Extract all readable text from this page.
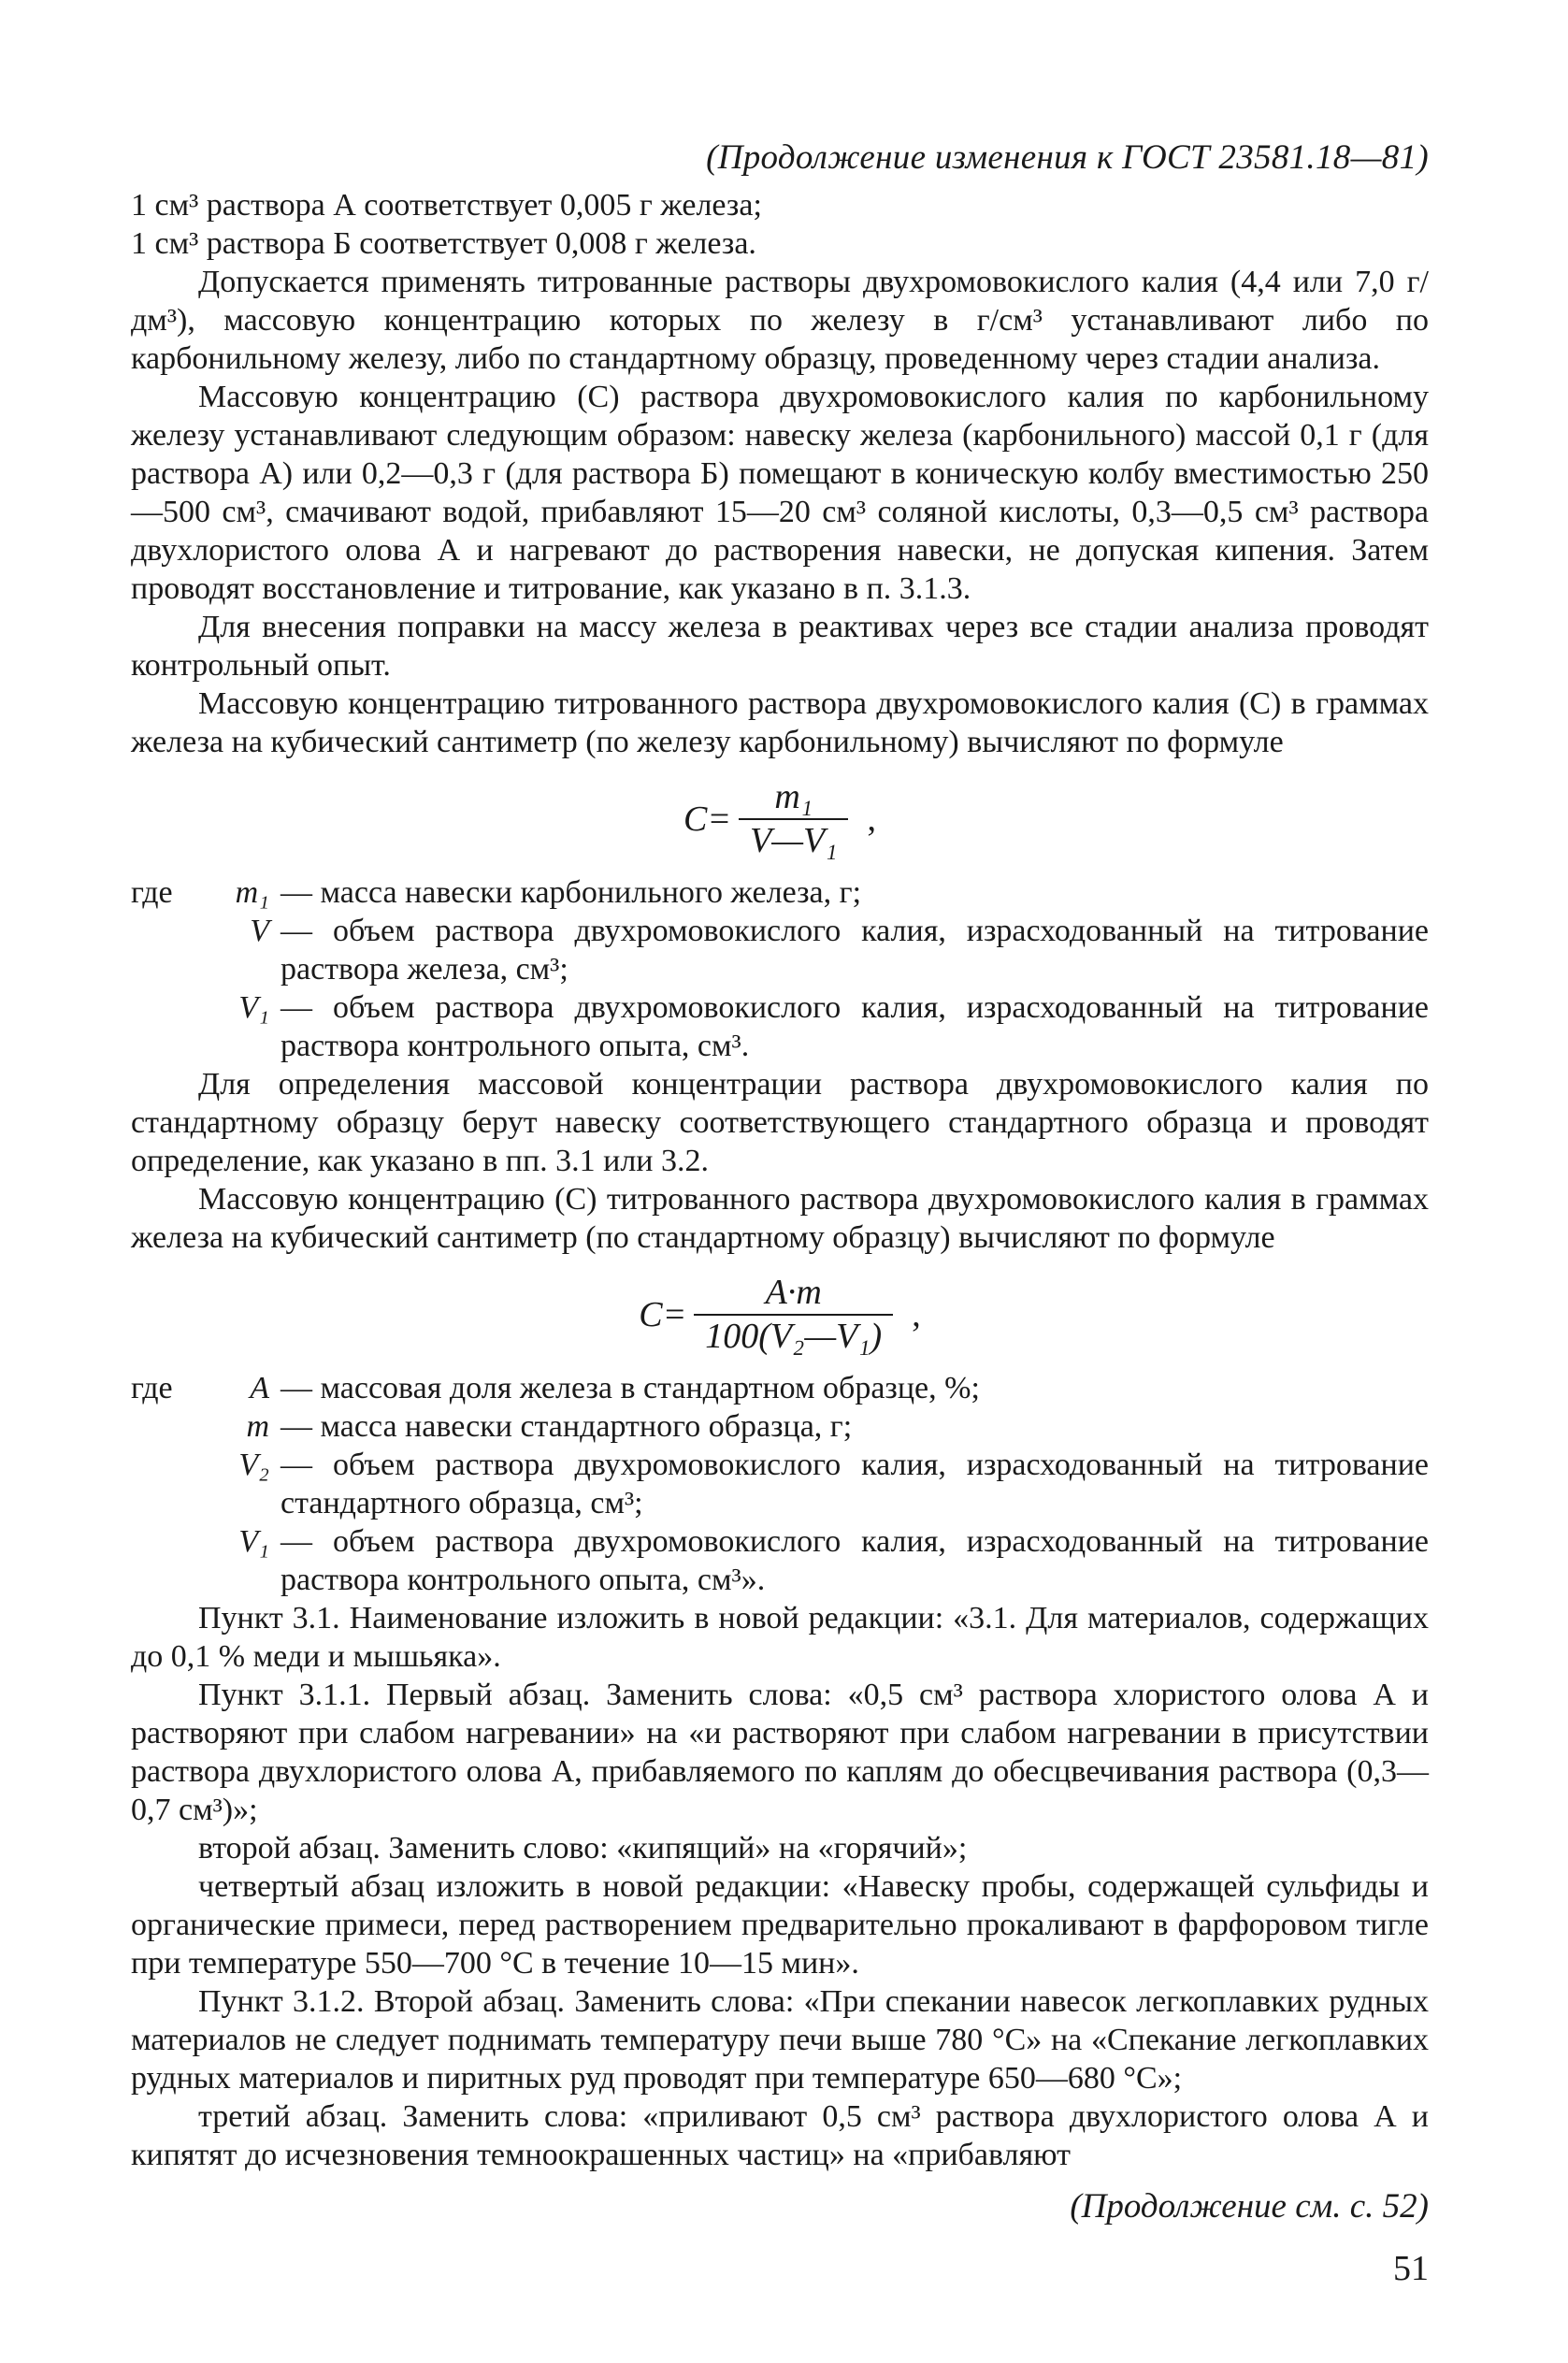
(Продолжение изменения к ГОСТ 23581.18—81)

1 см³ раствора А соответствует 0,005 г железа;

1 см³ раствора Б соответствует 0,008 г железа.

Допускается применять титрованные растворы двухромовокислого калия (4,4 или 7,0 г/дм³), массовую концентрацию которых по железу в г/см³ устанавливают либо по карбонильному железу, либо по стандартному образцу, проведенному через стадии анализа.

Массовую концентрацию (C) раствора двухромовокислого калия по карбонильному железу устанавливают следующим образом: навеску железа (карбонильного) массой 0,1 г (для раствора А) или 0,2—0,3 г (для раствора Б) помещают в коническую колбу вместимостью 250—500 см³, смачивают водой, прибавляют 15—20 см³ соляной кислоты, 0,3—0,5 см³ раствора двухлористого олова А и нагревают до растворения навески, не допуская кипения. Затем проводят восстановление и титрование, как указано в п. 3.1.3.

Для внесения поправки на массу железа в реактивах через все стадии анализа проводят контрольный опыт.

Массовую концентрацию титрованного раствора двухромовокислого калия (C) в граммах железа на кубический сантиметр (по железу карбонильному) вычисляют по формуле

$C= \frac{\text{m₁}}{\text{V—V₁}}$ ,
где	m₁ — масса навески карбонильного железа, г;
V — объем раствора двухромовокислого калия, израсходованный на титрование раствора железа, см³;
V₁ — объем раствора двухромовокислого калия, израсходованный на титрование раствора контрольного опыта, см³.

Для определения массовой концентрации раствора двухромовокислого калия по стандартному образцу берут навеску соответствующего стандартного образца и проводят определение, как указано в пп. 3.1 или 3.2.

Массовую концентрацию (C) титрованного раствора двухромовокислого калия в граммах железа на кубический сантиметр (по стандартному образцу) вычисляют по формуле

$C= \frac{A\cdot m}{\text{100(V₂—V₁)}}$ ,
где	A — массовая доля железа в стандартном образце, %;
m — масса навески стандартного образца, г;
V₂ — объем раствора двухромовокислого калия, израсходованный на титрование стандартного образца, см³;
V₁ — объем раствора двухромовокислого калия, израсходованный на титрование раствора контрольного опыта, см³».

Пункт 3.1. Наименование изложить в новой редакции: «3.1. Для материалов, содержащих до 0,1 % меди и мышьяка».

Пункт 3.1.1. Первый абзац. Заменить слова: «0,5 см³ раствора хлористого олова А и растворяют при слабом нагревании» на «и растворяют при слабом нагревании в присутствии раствора двухлористого олова А, прибавляемого по каплям до обесцвечивания раствора (0,3—0,7 см³)»;

второй абзац. Заменить слово: «кипящий» на «горячий»;

четвертый абзац изложить в новой редакции: «Навеску пробы, содержащей сульфиды и органические примеси, перед растворением предварительно прокаливают в фарфоровом тигле при температуре 550—700 °С в течение 10—15 мин».

Пункт 3.1.2. Второй абзац. Заменить слова: «При спекании навесок легкоплавких рудных материалов не следует поднимать температуру печи выше 780 °С» на «Спекание легкоплавких рудных материалов и пиритных руд проводят при температуре 650—680 °С»;

третий абзац. Заменить слова: «приливают 0,5 см³ раствора двухлористого олова А и кипятят до исчезновения темноокрашенных частиц» на «прибавляют

(Продолжение см. с. 52)
51
